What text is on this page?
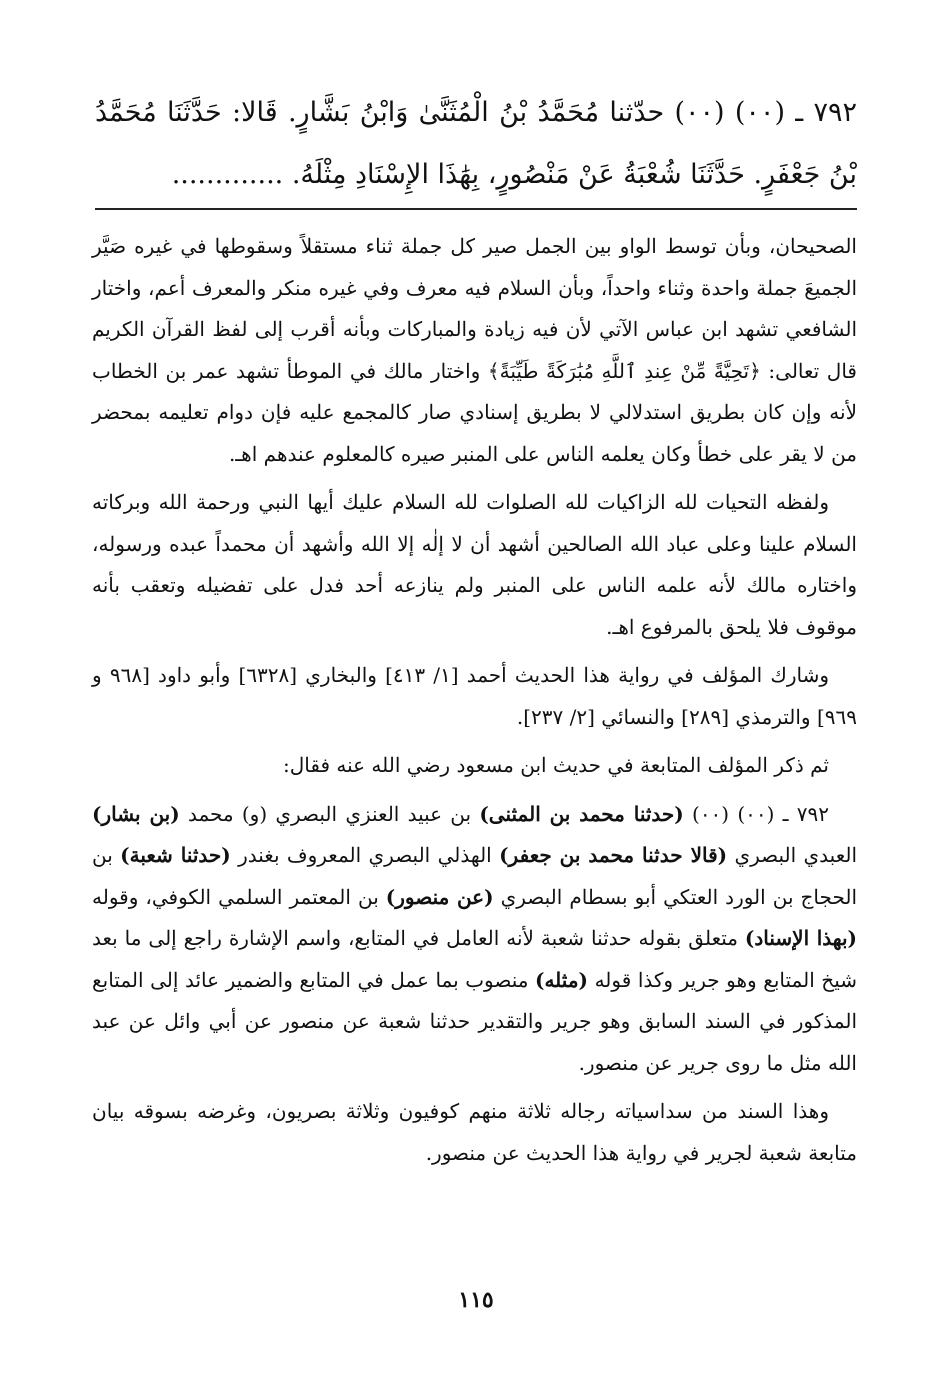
٧٩٢ ـ (٠٠) (٠٠) حدّثنا مُحَمَّدُ بْنُ الْمُثَنَّىٰ وَابْنُ بَشَّارٍ. قَالا: حَدَّثَنَا مُحَمَّدُ بْنُ جَعْفَرٍ. حَدَّثَنَا شُعْبَةُ عَنْ مَنْصُورٍ، بِهَٰذَا الإِسْنَادِ مِثْلَهُ. .............

الصحيحان، وبأن توسط الواو بين الجمل صير كل جملة ثناء مستقلاً وسقوطها في غيره صَيَّر الجميعَ جملة واحدة وثناء واحداً، وبأن السلام فيه معرف وفي غيره منكر والمعرف أعم، واختار الشافعي تشهد ابن عباس الآتي لأن فيه زيادة والمباركات وبأنه أقرب إلى لفظ القرآن الكريم قال تعالى: ﴿تَحِيَّةً مِّنْ عِندِ ٱللَّهِ مُبَٰرَكَةً طَيِّبَةً﴾ واختار مالك في الموطأ تشهد عمر بن الخطاب لأنه وإن كان بطريق استدلالي لا بطريق إسنادي صار كالمجمع عليه فإن دوام تعليمه بمحضر من لا يقر على خطأ وكان يعلمه الناس على المنبر صيره كالمعلوم عندهم اهـ.

ولفظه التحيات لله الزاكيات لله الصلوات لله السلام عليك أيها النبي ورحمة الله وبركاته السلام علينا وعلى عباد الله الصالحين أشهد أن لا إلٰه إلا الله وأشهد أن محمداً عبده ورسوله، واختاره مالك لأنه علمه الناس على المنبر ولم ينازعه أحد فدل على تفضيله وتعقب بأنه موقوف فلا يلحق بالمرفوع اهـ.

وشارك المؤلف في رواية هذا الحديث أحمد [١/ ٤١٣] والبخاري [٦٣٢٨] وأبو داود [٩٦٨ و ٩٦٩] والترمذي [٢٨٩] والنسائي [٢/ ٢٣٧].

ثم ذكر المؤلف المتابعة في حديث ابن مسعود رضي الله عنه فقال:

٧٩٢ ـ (٠٠) (٠٠) (حدثنا محمد بن المثنى) بن عبيد العنزي البصري (و) محمد (بن بشار) العبدي البصري (قالا حدثنا محمد بن جعفر) الهذلي البصري المعروف بغندر (حدثنا شعبة) بن الحجاج بن الورد العتكي أبو بسطام البصري (عن منصور) بن المعتمر السلمي الكوفي، وقوله (بهذا الإسناد) متعلق بقوله حدثنا شعبة لأنه العامل في المتابع، واسم الإشارة راجع إلى ما بعد شيخ المتابع وهو جرير وكذا قوله (مثله) منصوب بما عمل في المتابع والضمير عائد إلى المتابع المذكور في السند السابق وهو جرير والتقدير حدثنا شعبة عن منصور عن أبي وائل عن عبد الله مثل ما روى جرير عن منصور.

وهذا السند من سداسياته رجاله ثلاثة منهم كوفيون وثلاثة بصريون، وغرضه بسوقه بيان متابعة شعبة لجرير في رواية هذا الحديث عن منصور.

١١٥
